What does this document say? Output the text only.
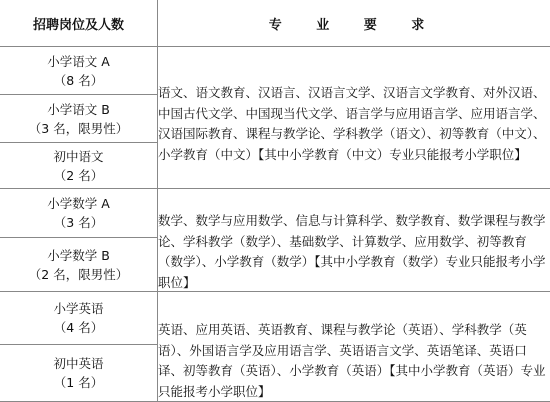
招聘岗位及人数	专 业 要 求
小学语文 A
（8 名）
小学语文 B
（3 名，限男性）
初中语文
（2 名）
语文、语文教育、汉语言、汉语言文学、汉语言文学教育、对外汉语、中国古代文学、中国现当代文学、语言学与应用语言学、应用语言学、汉语国际教育、课程与教学论、学科教学（语文）、初等教育（中文）、小学教育（中文）【其中小学教育（中文）专业只能报考小学职位】
小学数学 A
（3 名）
小学数学 B
（2 名，限男性）
数学、数学与应用数学、信息与计算科学、数学教育、数学课程与教学论、学科教学（数学）、基础数学、计算数学、应用数学、初等教育（数学）、小学教育（数学）【其中小学教育（数学）专业只能报考小学职位】
小学英语
（4 名）
初中英语
（1 名）
英语、应用英语、英语教育、课程与教学论（英语）、学科教学（英语）、外国语言学及应用语言学、英语语言文学、英语笔译、英语口译、初等教育（英语）、小学教育（英语）【其中小学教育（英语）专业只能报考小学职位】
